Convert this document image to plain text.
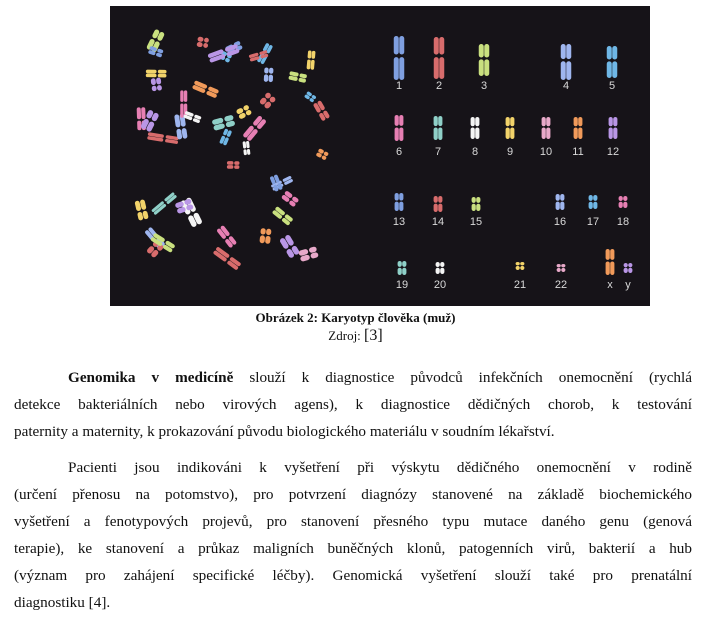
1	2	3	4	5
6	7	8	9	10	11	12
13	14	15	16	17	18
19	20	21	22	x	y
Obrázek 2: Karyotyp člověka (muž)
Zdroj: [3]

Genomika v medicíně slouží k diagnostice původců infekčních onemocnění (rychlá
detekce bakteriálních nebo virových agens), k diagnostice dědičných chorob, k testování
paternity a maternity, k prokazování původu biologického materiálu v soudním lékařství.

Pacienti jsou indikováni k vyšetření při výskytu dědičného onemocnění v rodině
(určení přenosu na potomstvo), pro potvrzení diagnózy stanovené na základě biochemického
vyšetření a fenotypových projevů, pro stanovení přesného typu mutace daného genu (genová
terapie), ke stanovení a průkaz maligních buněčných klonů, patogenních virů, bakterií a hub
(význam pro zahájení specifické léčby). Genomická vyšetření slouží také pro prenatální
diagnostiku [4].
